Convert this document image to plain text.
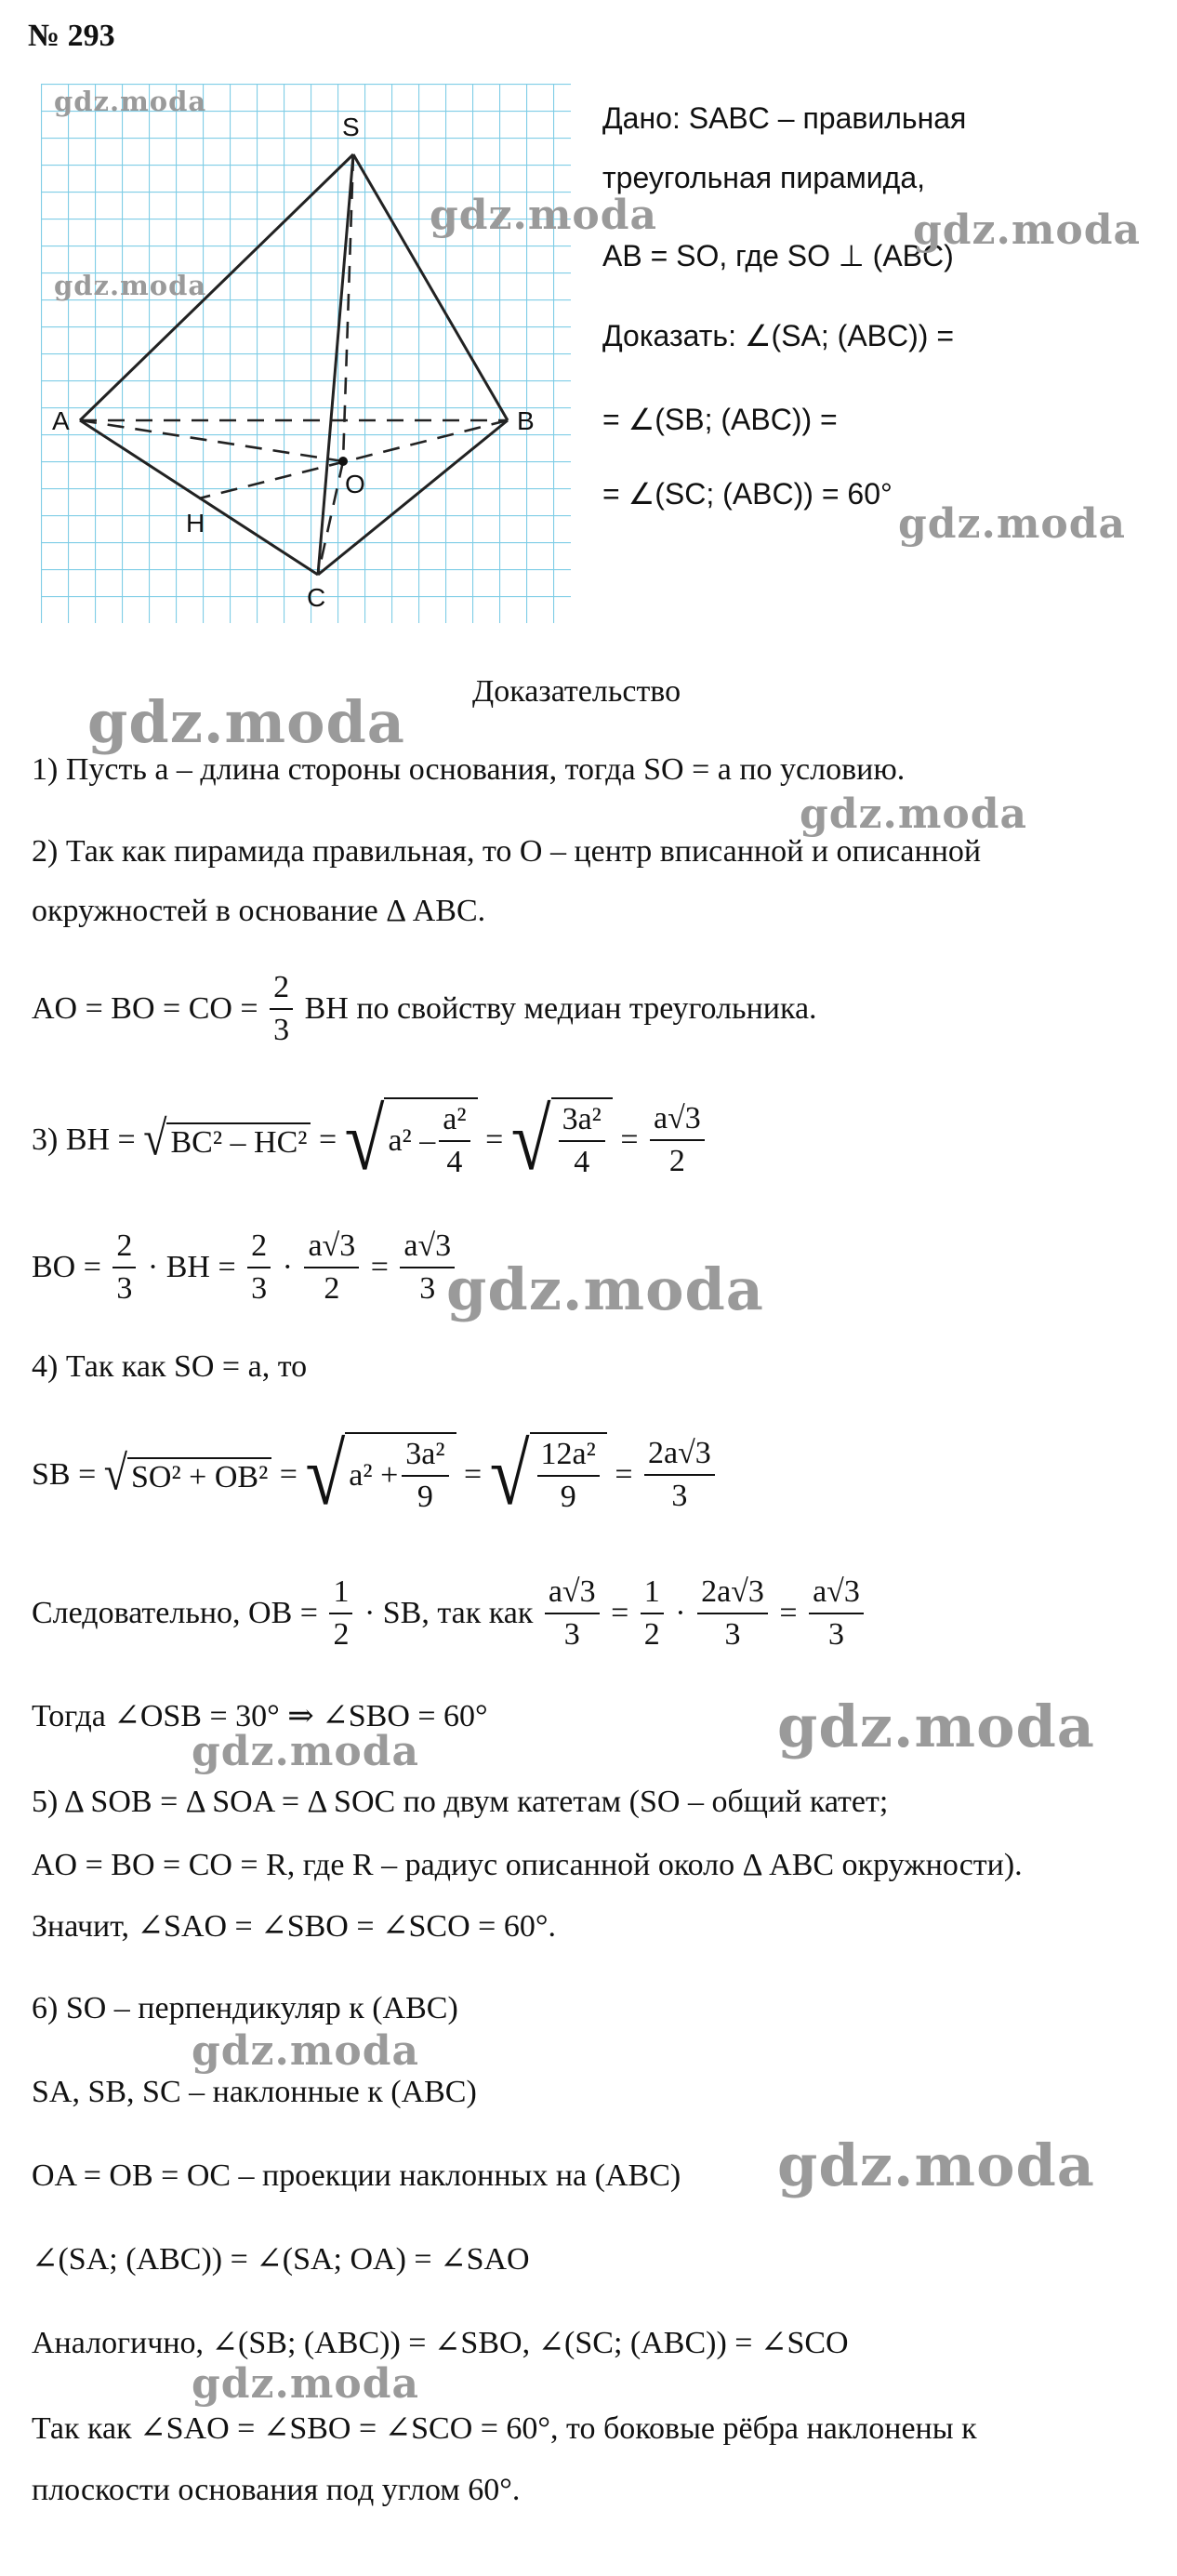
№ 293
S
A	B
C
O
H
Дано: SABC – правильная
треугольная пирамида,
AB = SO, где SO ⊥ (ABC)
Доказать: ∠(SA; (ABC)) =
= ∠(SB; (ABC)) =
= ∠(SC; (ABC)) = 60°
Доказательство
1) Пусть a – длина стороны основания, тогда SO = a по условию.
2) Так как пирамида правильная, то O – центр вписанной и описанной
окружностей в основание Δ ABC.
AO = BO = CO = $\frac{2}{3}$ BH по свойству медиан треугольника.
3) BH = √ BC² – HC² = √ $a^2 - \frac{\text{a²}}{4}$ = √ $\frac{\text{3a²}}{4} = \frac{a√3}{2}$
BO = $\frac{2}{3}$ · BH = $\frac{2}{3} \cdot \frac{a√3}{2} = \frac{a√3}{3}$
4) Так как SO = a, то
SB = √ SO² + OB² = √ $a^2 + \frac{\text{3a²}}{9}$ = √ $\frac{\text{12a²}}{9} = \frac{2a√3}{3}$
Следовательно, OB = $\frac{1}{2}$ · SB, так как $\frac{a√3}{3} = \frac{1}{2} \cdot \frac{2a√3}{3} = \frac{a√3}{3}$
Тогда ∠OSB = 30° ⇒ ∠SBO = 60°
5) Δ SOB = Δ SOA = Δ SOC по двум катетам (SO – общий катет;
AO = BO = CO = R, где R – радиус описанной около Δ ABC окружности).
Значит, ∠SAO = ∠SBO = ∠SCO = 60°.
6) SO – перпендикуляр к (ABC)
SA, SB, SC – наклонные к (ABC)
OA = OB = OC – проекции наклонных на (ABC)
∠(SA; (ABC)) = ∠(SA; OA) = ∠SAO
Аналогично, ∠(SB; (ABC)) = ∠SBO, ∠(SC; (ABC)) = ∠SCO
Так как ∠SAO = ∠SBO = ∠SCO = 60°, то боковые рёбра наклонены к
плоскости основания под углом 60°.
gdz.moda
gdz.moda
gdz.moda	gdz.moda
gdz.moda
gdz.moda
gdz.moda
gdz.moda
gdz.moda
gdz.moda
gdz.moda
gdz.moda
gdz.moda
